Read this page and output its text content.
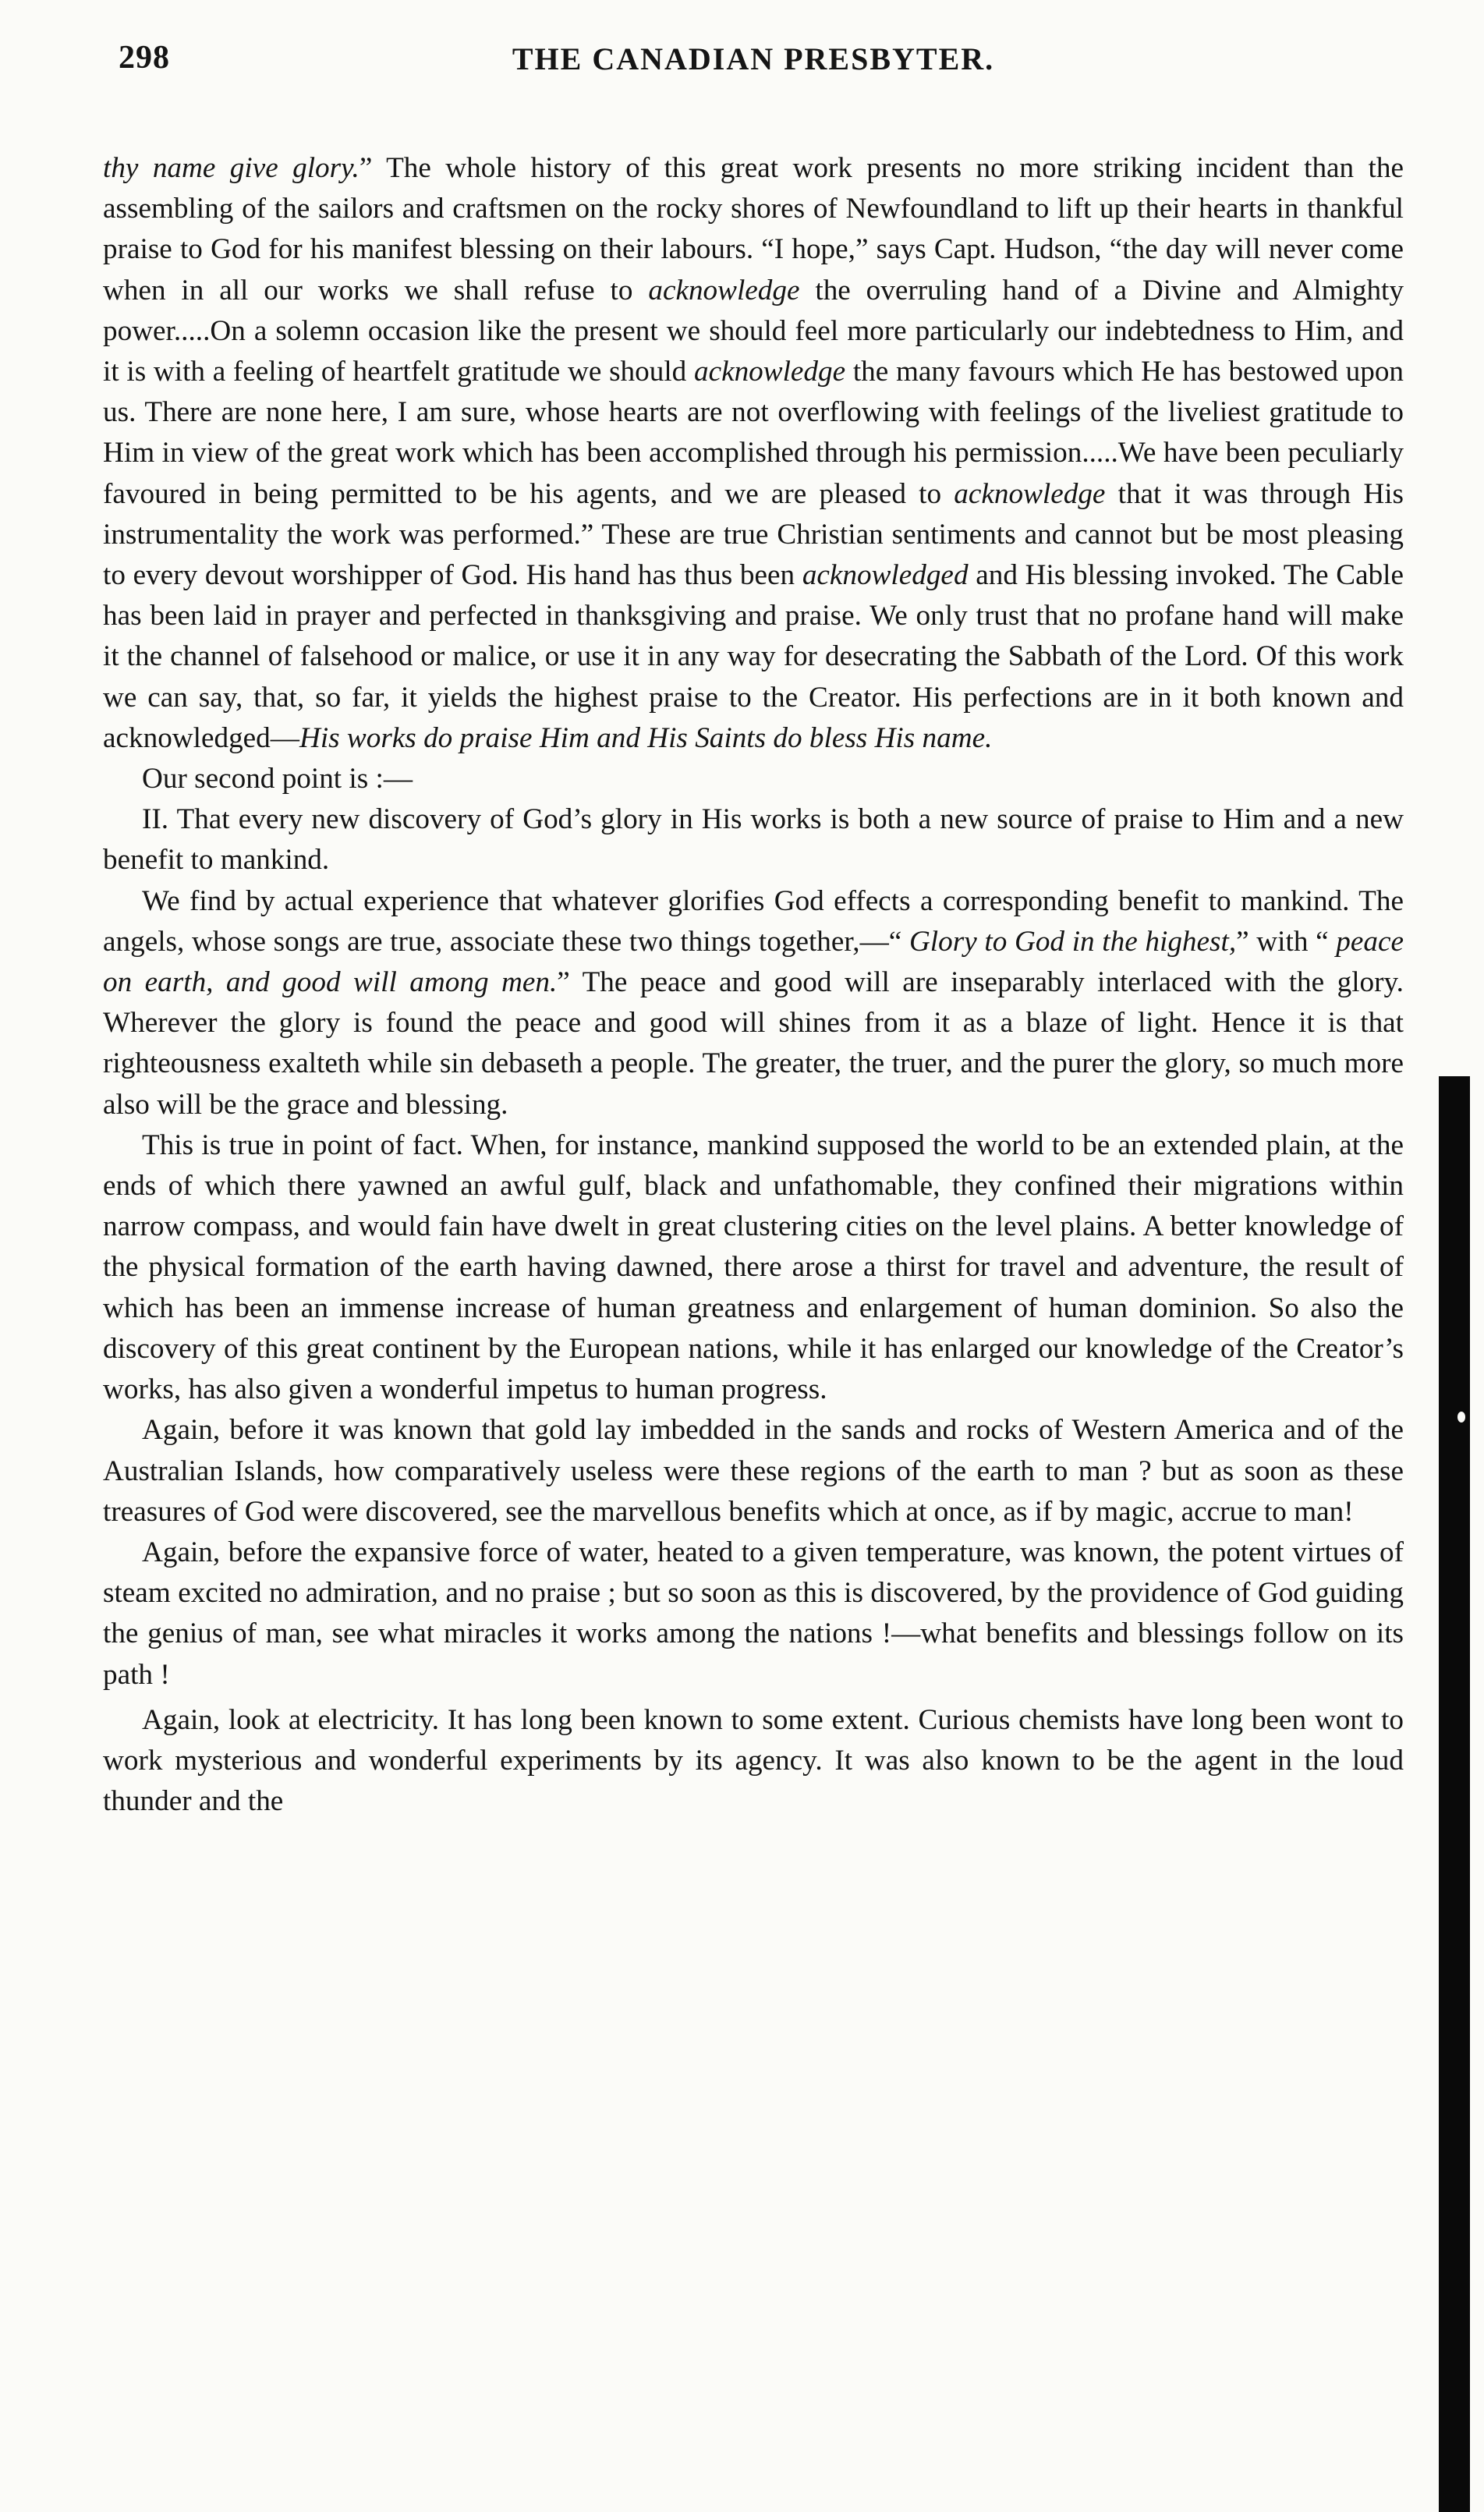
298	THE CANADIAN PRESBYTER.

thy name give glory.” The whole history of this great work presents no more striking incident than the assembling of the sailors and craftsmen on the rocky shores of Newfoundland to lift up their hearts in thankful praise to God for his manifest blessing on their labours. “I hope,” says Capt. Hudson, “the day will never come when in all our works we shall refuse to acknowledge the overruling hand of a Divine and Almighty power.....On a solemn occasion like the present we should feel more particularly our indebtedness to Him, and it is with a feeling of heartfelt gratitude we should acknowledge the many favours which He has bestowed upon us. There are none here, I am sure, whose hearts are not overflowing with feelings of the liveliest gratitude to Him in view of the great work which has been accomplished through his permission.....We have been peculiarly favoured in being permitted to be his agents, and we are pleased to acknowledge that it was through His instrumentality the work was performed.” These are true Christian sentiments and cannot but be most pleasing to every devout worshipper of God. His hand has thus been acknowledged and His blessing invoked. The Cable has been laid in prayer and perfected in thanksgiving and praise. We only trust that no profane hand will make it the channel of falsehood or malice, or use it in any way for desecrating the Sabbath of the Lord. Of this work we can say, that, so far, it yields the highest praise to the Creator. His perfections are in it both known and acknowledged—His works do praise Him and His Saints do bless His name.

Our second point is :—

II. That every new discovery of God’s glory in His works is both a new source of praise to Him and a new benefit to mankind.

We find by actual experience that whatever glorifies God effects a corresponding benefit to mankind. The angels, whose songs are true, associate these two things together,—“ Glory to God in the highest,” with “ peace on earth, and good will among men.” The peace and good will are inseparably interlaced with the glory. Wherever the glory is found the peace and good will shines from it as a blaze of light. Hence it is that righteousness exalteth while sin debaseth a people. The greater, the truer, and the purer the glory, so much more also will be the grace and blessing.

This is true in point of fact. When, for instance, mankind supposed the world to be an extended plain, at the ends of which there yawned an awful gulf, black and unfathomable, they confined their migrations within narrow compass, and would fain have dwelt in great clustering cities on the level plains. A better knowledge of the physical formation of the earth having dawned, there arose a thirst for travel and adventure, the result of which has been an immense increase of human greatness and enlargement of human dominion. So also the discovery of this great continent by the European nations, while it has enlarged our knowledge of the Creator’s works, has also given a wonderful impetus to human progress.

Again, before it was known that gold lay imbedded in the sands and rocks of Western America and of the Australian Islands, how comparatively useless were these regions of the earth to man ? but as soon as these treasures of God were discovered, see the marvellous benefits which at once, as if by magic, accrue to man!

Again, before the expansive force of water, heated to a given temperature, was known, the potent virtues of steam excited no admiration, and no praise ; but so soon as this is discovered, by the providence of God guiding the genius of man, see what miracles it works among the nations !—what benefits and blessings follow on its path !

Again, look at electricity. It has long been known to some extent. Curious chemists have long been wont to work mysterious and wonderful experiments by its agency. It was also known to be the agent in the loud thunder and the
